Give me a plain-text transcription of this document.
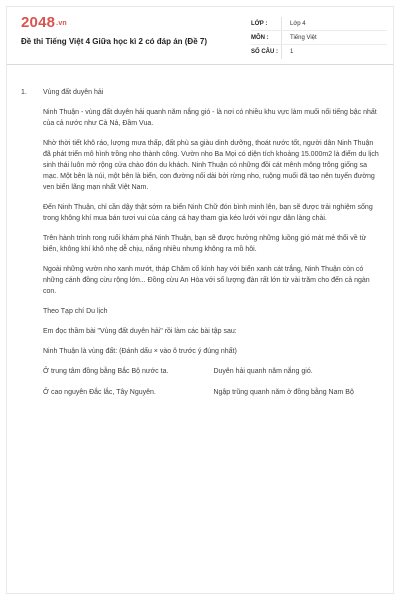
2048.vn
Đề thi Tiếng Việt 4 Giữa học kì 2 có đáp án (Đề 7)
LỚP :	Lớp 4
MÔN :	Tiếng Việt
SỐ CÂU :	1
1. Vùng đất duyên hải

Ninh Thuận - vùng đất duyên hải quanh năm nắng gió - là nơi có nhiều khu vực làm muối nổi tiếng bậc nhất của cả nước như Cà Ná, Đầm Vua.

Nhờ thời tiết khô ráo, lượng mưa thấp, đất phù sa giàu dinh dưỡng, thoát nước tốt, người dân Ninh Thuận đã phát triển mô hình trồng nho thành công. Vườn nho Ba Mọi có diện tích khoảng 15.000m2 là điểm du lịch sinh thái luôn mở rộng cửa chào đón du khách. Ninh Thuận có những đồi cát mênh mông trông giống sa mạc. Một bên là núi, một bên là biển, con đường nối dài bởi rừng nho, ruộng muối đã tạo nên tuyến đường ven biển lãng mạn nhất Việt Nam.

Đến Ninh Thuận, chỉ cần dậy thật sớm ra biển Ninh Chữ đón bình minh lên, bạn sẽ được trải nghiệm sống trong không khí mua bán tươi vui của cảng cá hay tham gia kéo lưới với ngư dân làng chài.

Trên hành trình rong ruổi khám phá Ninh Thuận, bạn sẽ được hưởng những luồng gió mát mẻ thổi về từ biển, không khí khô nhẹ dễ chịu, nắng nhiều nhưng không ra mồ hôi.

Ngoài những vườn nho xanh mướt, tháp Chăm cổ kính hay với biển xanh cát trắng, Ninh Thuận còn có những cánh đồng cừu rộng lớn... Đồng cừu An Hòa với số lượng đàn rất lớn từ vài trăm cho đến cả ngàn con.

Theo Tạp chí Du lịch

Em đọc thầm bài "Vùng đất duyên hải" rồi làm các bài tập sau:

Ninh Thuận là vùng đất: (Đánh dấu × vào ô trước ý đúng nhất)

Ở trung tâm đồng bằng Bắc Bộ nước ta.	Duyên hải quanh năm nắng gió.
Ở cao nguyên Đắc lắc, Tây Nguyên.	Ngập trũng quanh năm ở đồng bằng Nam Bộ
